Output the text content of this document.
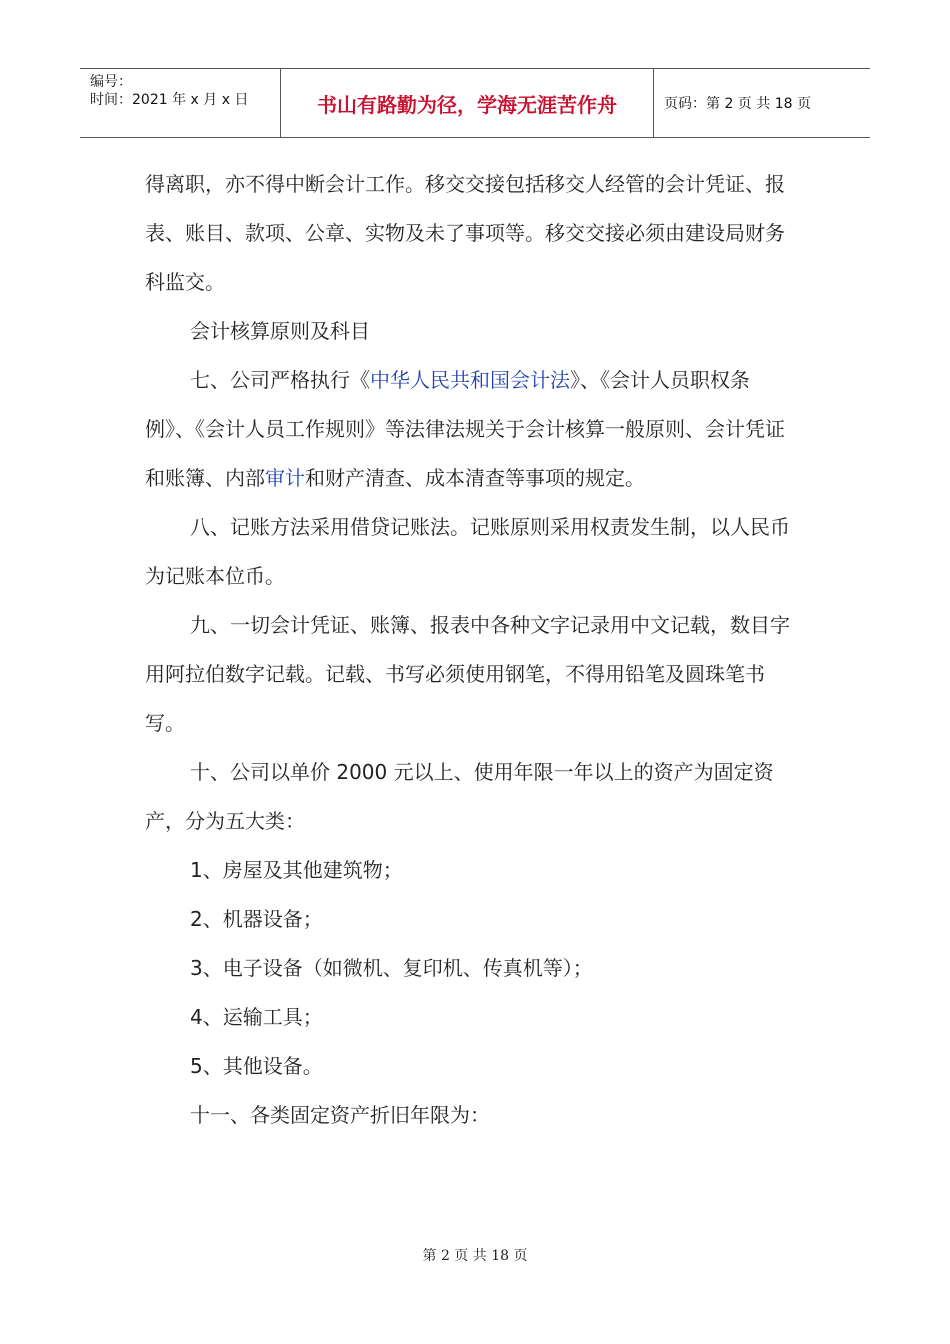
编号：
时间：2021 年 x 月 x 日	书山有路勤为径，学海无涯苦作舟	页码：第 2 页 共 18 页

得离职，亦不得中断会计工作。移交交接包括移交人经管的会计凭证、报表、账目、款项、公章、实物及未了事项等。移交交接必须由建设局财务科监交。

会计核算原则及科目

七、公司严格执行《中华人民共和国会计法》、《会计人员职权条例》、《会计人员工作规则》等法律法规关于会计核算一般原则、会计凭证和账簿、内部审计和财产清查、成本清查等事项的规定。

八、记账方法采用借贷记账法。记账原则采用权责发生制，以人民币为记账本位币。

九、一切会计凭证、账簿、报表中各种文字记录用中文记载，数目字用阿拉伯数字记载。记载、书写必须使用钢笔，不得用铅笔及圆珠笔书写。

十、公司以单价 2000 元以上、使用年限一年以上的资产为固定资产，分为五大类：

1、房屋及其他建筑物；

2、机器设备；

3、电子设备（如微机、复印机、传真机等）；

4、运输工具；

5、其他设备。

十一、各类固定资产折旧年限为：

第 2 页 共 18 页
